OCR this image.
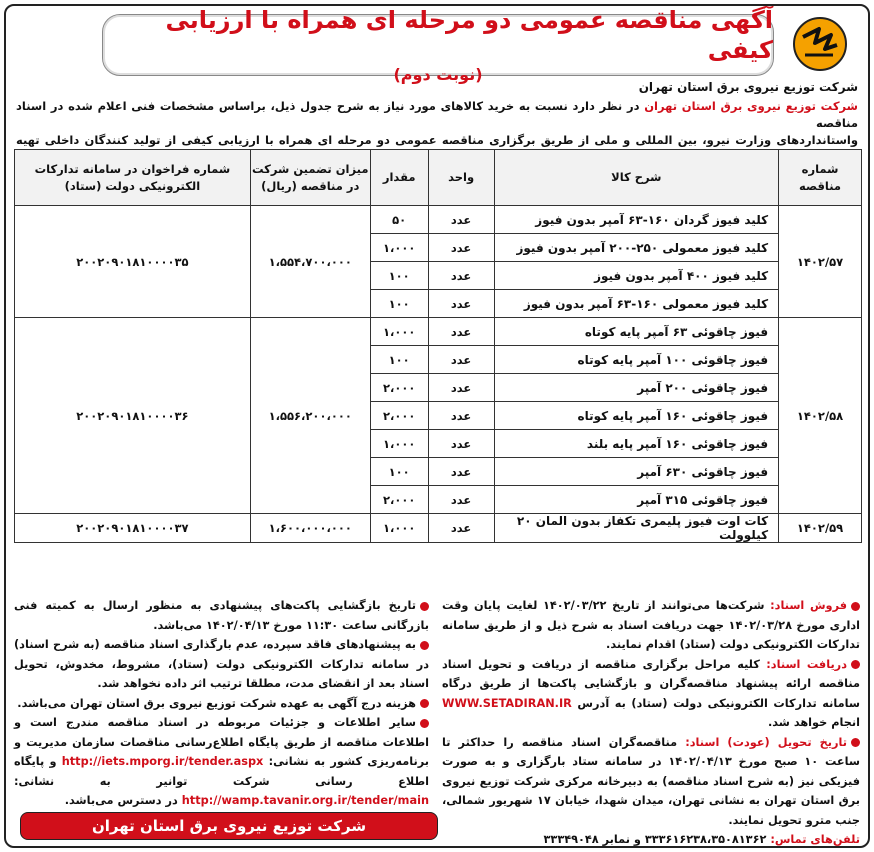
آگهی مناقصه عمومی دو مرحله ای همراه با ارزیابی کیفی
(نوبت دوم)
شرکت توزیع نیروی برق استان تهران
شرکت توزیع نیروی برق استان تهران در نظر دارد نسبت به خرید کالاهای مورد نیاز به شرح جدول ذیل، براساس مشخصات فنی اعلام شده در اسناد مناقصه
واستانداردهای وزارت نیرو، بین المللی و ملی از طریق برگزاری مناقصه عمومی دو مرحله ای همراه با ارزیابی کیفی از تولید کنندگان داخلی تهیه
شماره مناقصه	شرح کالا	واحد	مقدار	میزان تضمین شرکت در مناقصه (ریال)	شماره فراخوان در سامانه تدارکات الکترونیکی دولت (ستاد)
۱۴۰۲/۵۷	کلید فیوز گردان ۱۶۰-۶۳ آمپر بدون فیوز	عدد	۵۰	۱،۵۵۴،۷۰۰،۰۰۰	۲۰۰۲۰۹۰۱۸۱۰۰۰۰۳۵
	کلید فیوز معمولی ۲۵۰-۲۰۰ آمپر بدون فیوز	عدد	۱،۰۰۰		
	کلید فیوز ۴۰۰ آمپر بدون فیوز	عدد	۱۰۰		
	کلید فیوز معمولی ۱۶۰-۶۳ آمپر بدون فیوز	عدد	۱۰۰		
۱۴۰۲/۵۸	فیوز چاقوئی ۶۳ آمپر پایه کوتاه	عدد	۱،۰۰۰	۱،۵۵۶،۲۰۰،۰۰۰	۲۰۰۲۰۹۰۱۸۱۰۰۰۰۳۶
	فیوز چاقوئی ۱۰۰ آمپر پایه کوتاه	عدد	۱۰۰		
	فیوز چاقوئی ۲۰۰ آمپر	عدد	۲،۰۰۰		
	فیوز چاقوئی ۱۶۰ آمپر پایه کوتاه	عدد	۲،۰۰۰		
	فیوز چاقوئی ۱۶۰ آمپر پایه بلند	عدد	۱،۰۰۰		
	فیوز چاقوئی ۶۳۰ آمپر	عدد	۱۰۰		
	فیوز چاقوئی ۳۱۵ آمپر	عدد	۲،۰۰۰		
۱۴۰۲/۵۹	کات اوت فیوز پلیمری تکفاز بدون المان ۲۰ کیلوولت	عدد	۱،۰۰۰	۱،۶۰۰،۰۰۰،۰۰۰	۲۰۰۲۰۹۰۱۸۱۰۰۰۰۳۷

فروش اسناد: شرکت‌ها می‌توانند از تاریخ ۱۴۰۲/۰۳/۲۲ لغایت پایان وقت اداری مورخ ۱۴۰۲/۰۳/۲۸ جهت دریافت اسناد به شرح ذیل و از طریق سامانه تدارکات الکترونیکی دولت (ستاد) اقدام نمایند.

دریافت اسناد: کلیه مراحل برگزاری مناقصه از دریافت و تحویل اسناد مناقصه ارائه پیشنهاد مناقصه‌گران و بازگشایی پاکت‌ها از طریق درگاه سامانه تدارکات الکترونیکی دولت (ستاد) به آدرس WWW.SETADIRAN.IR انجام خواهد شد.

تاریخ تحویل (عودت) اسناد: مناقصه‌گران اسناد مناقصه را حداکثر تا ساعت ۱۰ صبح مورخ ۱۴۰۲/۰۴/۱۳ در سامانه ستاد بارگزاری و به صورت فیزیکی نیز (به شرح اسناد مناقصه) به دبیرخانه مرکزی شرکت توزیع نیروی برق استان تهران به نشانی تهران، میدان شهدا، خیابان ۱۷ شهریور شمالی، جنب مترو تحویل نمایند.

تلفن‌های تماس: ۳۳۳۶۱۶۲۳۸،۳۵۰۸۱۳۶۲ و نمابر ۳۳۳۴۹۰۴۸

تاریخ بازگشایی پاکت‌های پیشنهادی به منظور ارسال به کمیته فنی بازرگانی ساعت ۱۱:۳۰ مورخ ۱۴۰۲/۰۴/۱۳ می‌باشد.

به پیشنهادهای فاقد سپرده، عدم بارگذاری اسناد مناقصه (به شرح اسناد) در سامانه تدارکات الکترونیکی دولت (ستاد)، مشروط، مخدوش، تحویل اسناد بعد از انقضای مدت، مطلقا ترتیب اثر داده نخواهد شد.

هزینه درج آگهی به عهده شرکت توزیع نیروی برق استان تهران می‌باشد.

سایر اطلاعات و جزئیات مربوطه در اسناد مناقصه مندرج است و اطلاعات مناقصه از طریق پایگاه اطلاع‌رسانی مناقصات سازمان مدیریت و برنامه‌ریزی کشور به نشانی: http://iets.mporg.ir/tender.aspx و پایگاه اطلاع رسانی شرکت توانیر به نشانی: http://wamp.tavanir.org.ir/tender/main در دسترس می‌باشد.

شرکت توزیع نیروی برق استان تهران
